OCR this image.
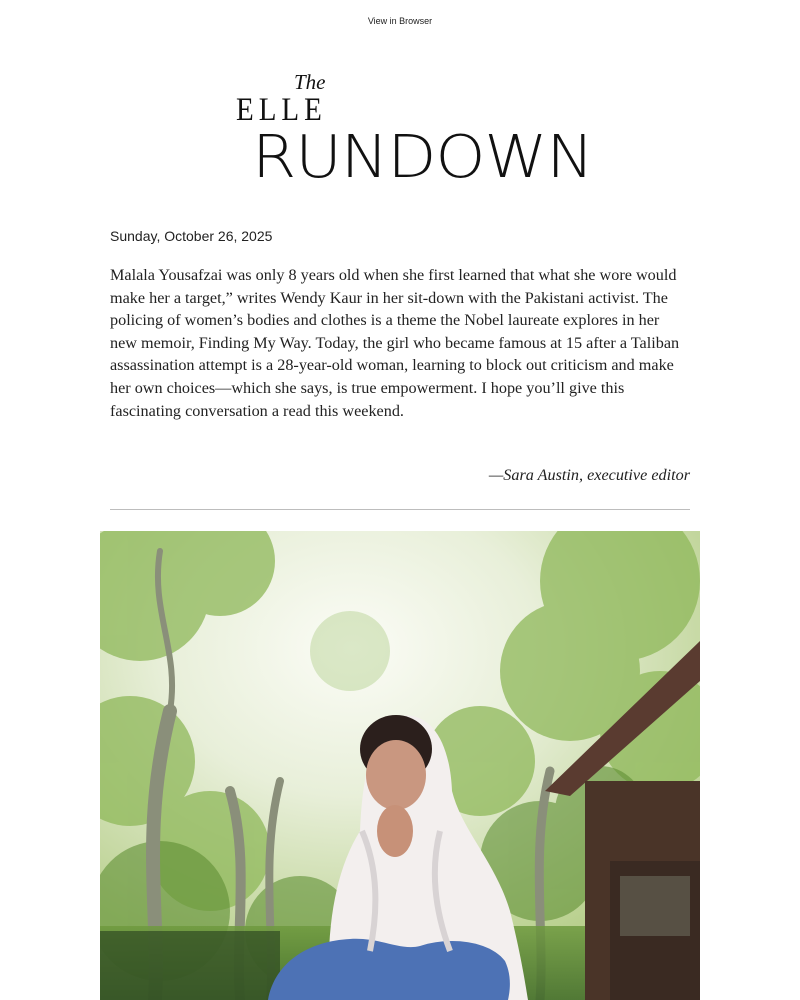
View in Browser
The
ELLE
RUNDOWN
Sunday, October 26, 2025

Malala Yousafzai was only 8 years old when she first learned that what she wore would make her a target,” writes Wendy Kaur in her sit-down with the Pakistani activist. The policing of women’s bodies and clothes is a theme the Nobel laureate explores in her new memoir, Finding My Way. Today, the girl who became famous at 15 after a Taliban assassination attempt is a 28-year-old woman, learning to block out criticism and make her own choices—which she says, is true empowerment. I hope you’ll give this fascinating conversation a read this weekend.

—Sara Austin, executive editor
